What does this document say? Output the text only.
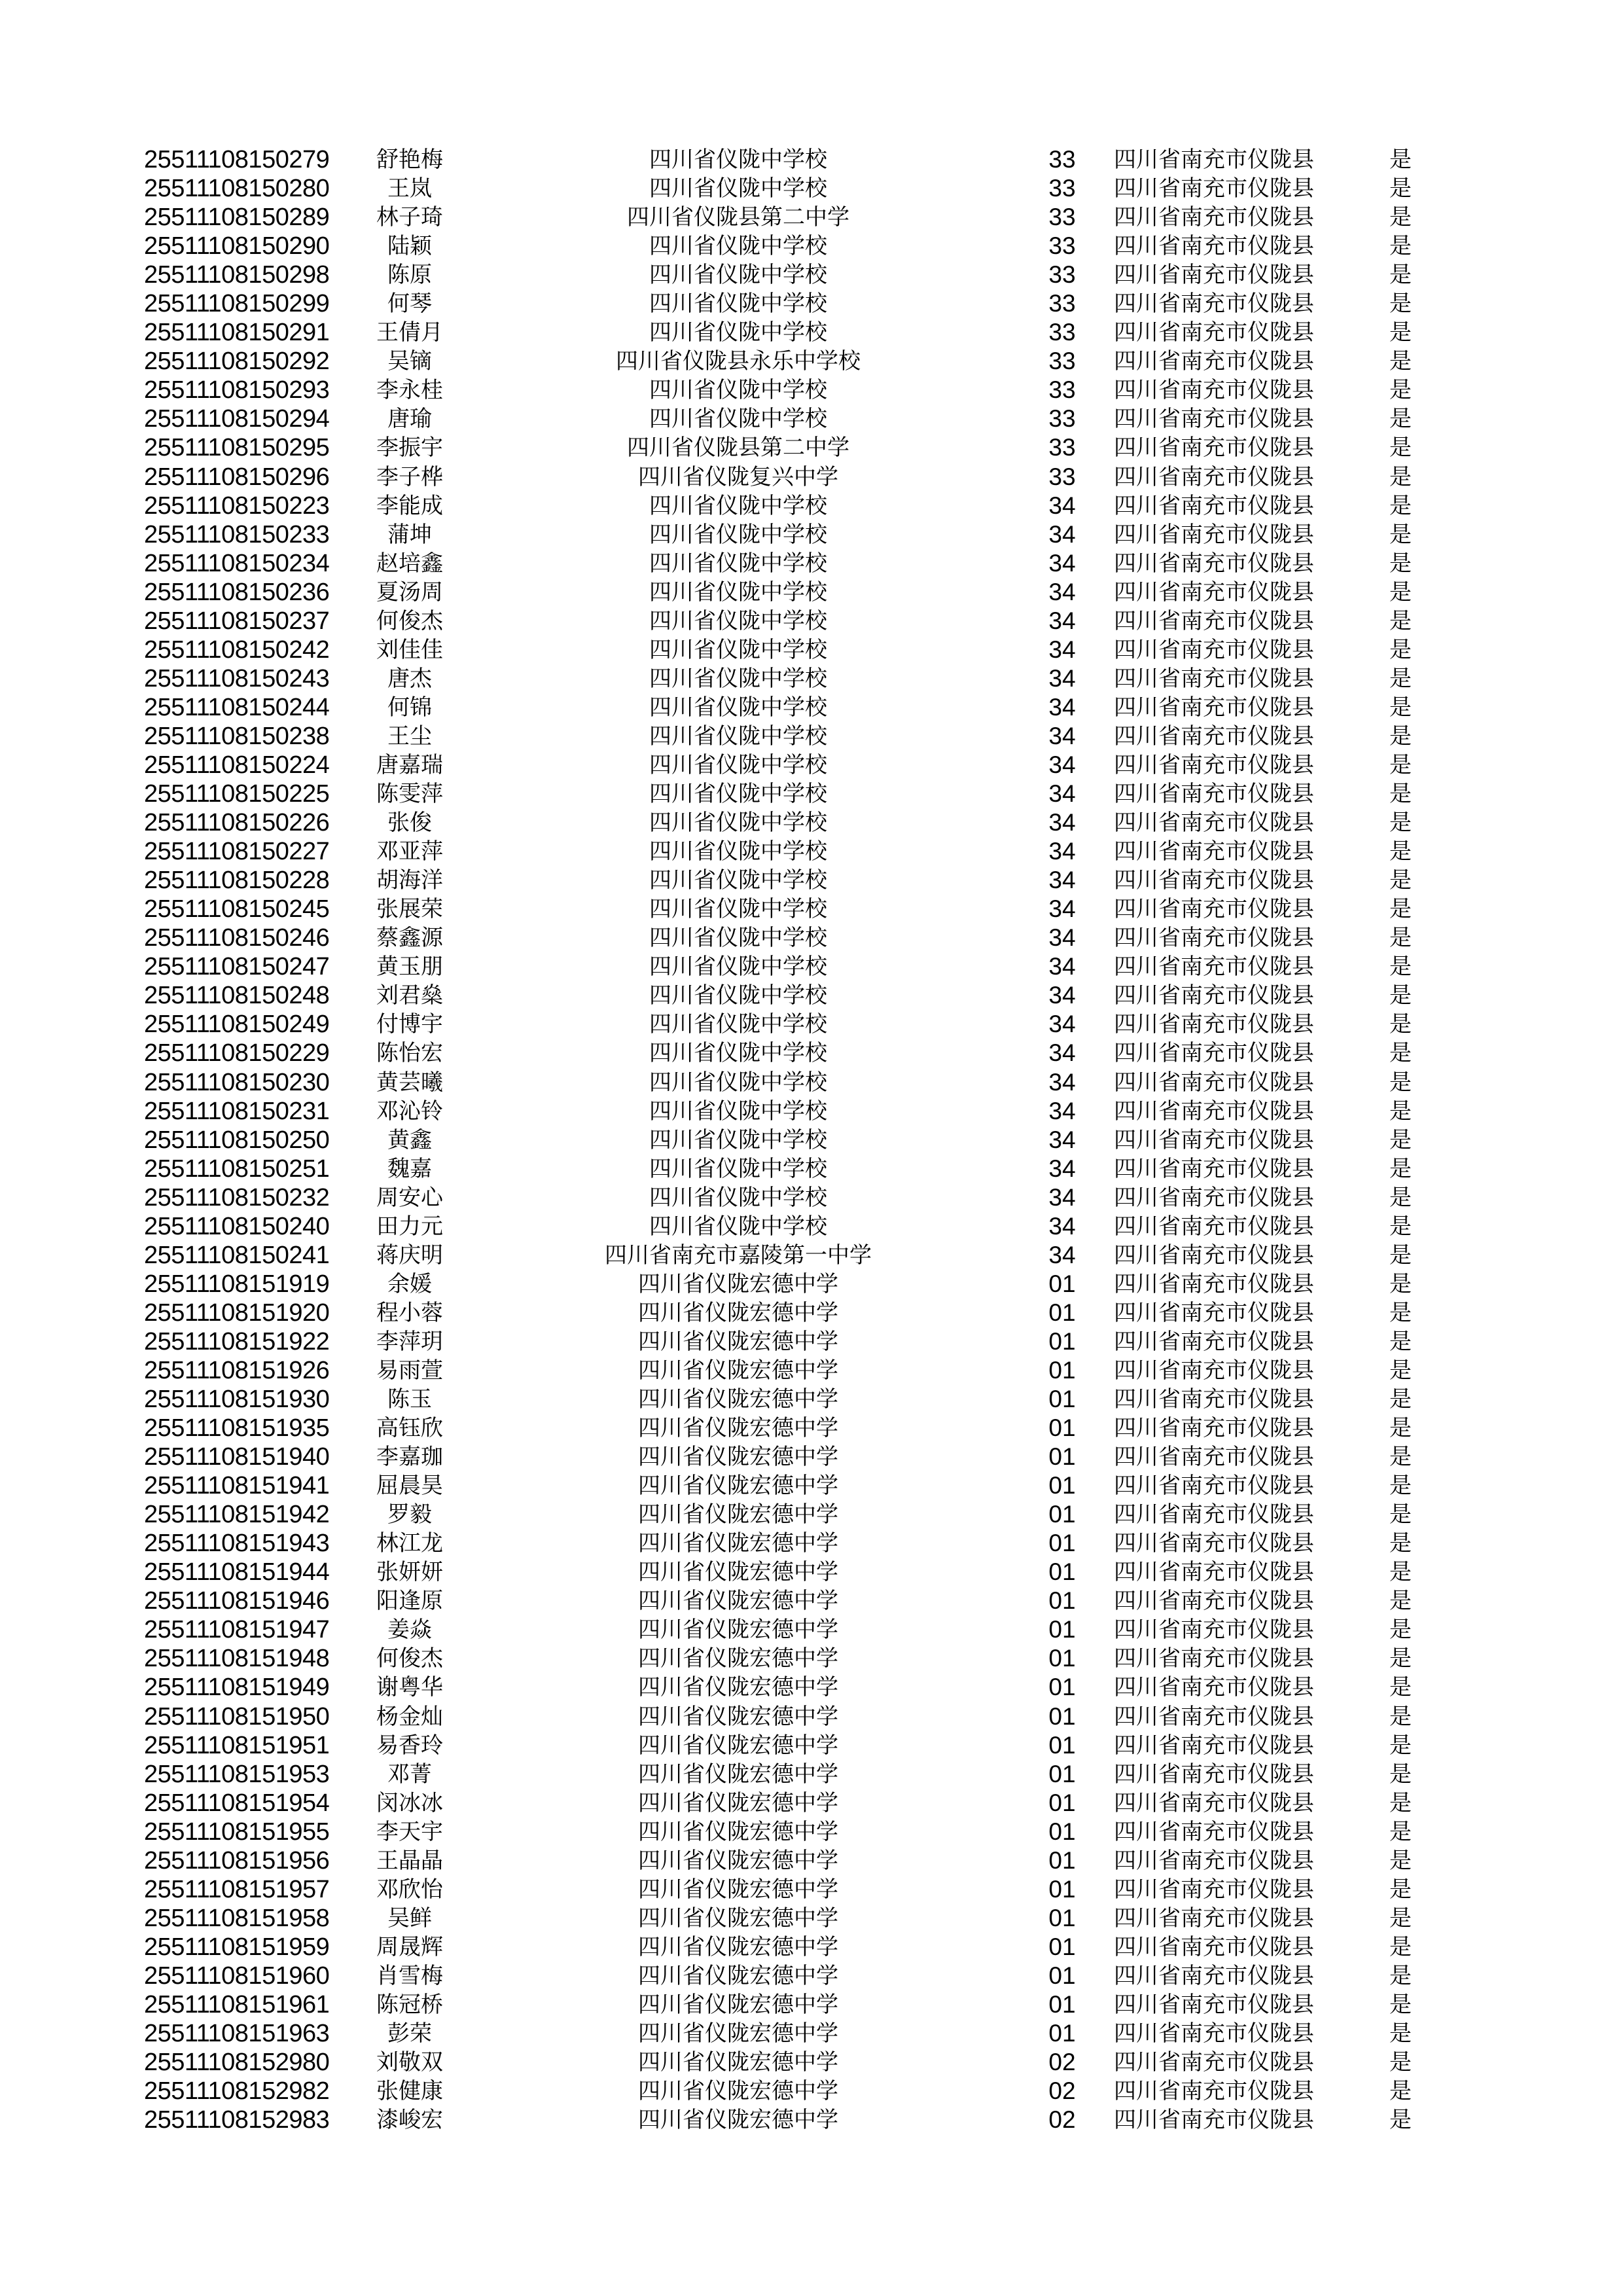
25511108150279	舒艳梅	四川省仪陇中学校	33	四川省南充市仪陇县	是
25511108150280	王岚	四川省仪陇中学校	33	四川省南充市仪陇县	是
25511108150289	林子琦	四川省仪陇县第二中学	33	四川省南充市仪陇县	是
25511108150290	陆颖	四川省仪陇中学校	33	四川省南充市仪陇县	是
25511108150298	陈原	四川省仪陇中学校	33	四川省南充市仪陇县	是
25511108150299	何琴	四川省仪陇中学校	33	四川省南充市仪陇县	是
25511108150291	王倩月	四川省仪陇中学校	33	四川省南充市仪陇县	是
25511108150292	吴镝	四川省仪陇县永乐中学校	33	四川省南充市仪陇县	是
25511108150293	李永桂	四川省仪陇中学校	33	四川省南充市仪陇县	是
25511108150294	唐瑜	四川省仪陇中学校	33	四川省南充市仪陇县	是
25511108150295	李振宇	四川省仪陇县第二中学	33	四川省南充市仪陇县	是
25511108150296	李子桦	四川省仪陇复兴中学	33	四川省南充市仪陇县	是
25511108150223	李能成	四川省仪陇中学校	34	四川省南充市仪陇县	是
25511108150233	蒲坤	四川省仪陇中学校	34	四川省南充市仪陇县	是
25511108150234	赵培鑫	四川省仪陇中学校	34	四川省南充市仪陇县	是
25511108150236	夏汤周	四川省仪陇中学校	34	四川省南充市仪陇县	是
25511108150237	何俊杰	四川省仪陇中学校	34	四川省南充市仪陇县	是
25511108150242	刘佳佳	四川省仪陇中学校	34	四川省南充市仪陇县	是
25511108150243	唐杰	四川省仪陇中学校	34	四川省南充市仪陇县	是
25511108150244	何锦	四川省仪陇中学校	34	四川省南充市仪陇县	是
25511108150238	王尘	四川省仪陇中学校	34	四川省南充市仪陇县	是
25511108150224	唐嘉瑞	四川省仪陇中学校	34	四川省南充市仪陇县	是
25511108150225	陈雯萍	四川省仪陇中学校	34	四川省南充市仪陇县	是
25511108150226	张俊	四川省仪陇中学校	34	四川省南充市仪陇县	是
25511108150227	邓亚萍	四川省仪陇中学校	34	四川省南充市仪陇县	是
25511108150228	胡海洋	四川省仪陇中学校	34	四川省南充市仪陇县	是
25511108150245	张展荣	四川省仪陇中学校	34	四川省南充市仪陇县	是
25511108150246	蔡鑫源	四川省仪陇中学校	34	四川省南充市仪陇县	是
25511108150247	黄玉朋	四川省仪陇中学校	34	四川省南充市仪陇县	是
25511108150248	刘君燊	四川省仪陇中学校	34	四川省南充市仪陇县	是
25511108150249	付博宇	四川省仪陇中学校	34	四川省南充市仪陇县	是
25511108150229	陈怡宏	四川省仪陇中学校	34	四川省南充市仪陇县	是
25511108150230	黄芸曦	四川省仪陇中学校	34	四川省南充市仪陇县	是
25511108150231	邓沁铃	四川省仪陇中学校	34	四川省南充市仪陇县	是
25511108150250	黄鑫	四川省仪陇中学校	34	四川省南充市仪陇县	是
25511108150251	魏嘉	四川省仪陇中学校	34	四川省南充市仪陇县	是
25511108150232	周安心	四川省仪陇中学校	34	四川省南充市仪陇县	是
25511108150240	田力元	四川省仪陇中学校	34	四川省南充市仪陇县	是
25511108150241	蒋庆明	四川省南充市嘉陵第一中学	34	四川省南充市仪陇县	是
25511108151919	余媛	四川省仪陇宏德中学	01	四川省南充市仪陇县	是
25511108151920	程小蓉	四川省仪陇宏德中学	01	四川省南充市仪陇县	是
25511108151922	李萍玥	四川省仪陇宏德中学	01	四川省南充市仪陇县	是
25511108151926	易雨萱	四川省仪陇宏德中学	01	四川省南充市仪陇县	是
25511108151930	陈玉	四川省仪陇宏德中学	01	四川省南充市仪陇县	是
25511108151935	高钰欣	四川省仪陇宏德中学	01	四川省南充市仪陇县	是
25511108151940	李嘉珈	四川省仪陇宏德中学	01	四川省南充市仪陇县	是
25511108151941	屈晨昊	四川省仪陇宏德中学	01	四川省南充市仪陇县	是
25511108151942	罗毅	四川省仪陇宏德中学	01	四川省南充市仪陇县	是
25511108151943	林江龙	四川省仪陇宏德中学	01	四川省南充市仪陇县	是
25511108151944	张妍妍	四川省仪陇宏德中学	01	四川省南充市仪陇县	是
25511108151946	阳逢原	四川省仪陇宏德中学	01	四川省南充市仪陇县	是
25511108151947	姜焱	四川省仪陇宏德中学	01	四川省南充市仪陇县	是
25511108151948	何俊杰	四川省仪陇宏德中学	01	四川省南充市仪陇县	是
25511108151949	谢粤华	四川省仪陇宏德中学	01	四川省南充市仪陇县	是
25511108151950	杨金灿	四川省仪陇宏德中学	01	四川省南充市仪陇县	是
25511108151951	易香玲	四川省仪陇宏德中学	01	四川省南充市仪陇县	是
25511108151953	邓菁	四川省仪陇宏德中学	01	四川省南充市仪陇县	是
25511108151954	闵冰冰	四川省仪陇宏德中学	01	四川省南充市仪陇县	是
25511108151955	李天宇	四川省仪陇宏德中学	01	四川省南充市仪陇县	是
25511108151956	王晶晶	四川省仪陇宏德中学	01	四川省南充市仪陇县	是
25511108151957	邓欣怡	四川省仪陇宏德中学	01	四川省南充市仪陇县	是
25511108151958	吴鲜	四川省仪陇宏德中学	01	四川省南充市仪陇县	是
25511108151959	周晟辉	四川省仪陇宏德中学	01	四川省南充市仪陇县	是
25511108151960	肖雪梅	四川省仪陇宏德中学	01	四川省南充市仪陇县	是
25511108151961	陈冠桥	四川省仪陇宏德中学	01	四川省南充市仪陇县	是
25511108151963	彭荣	四川省仪陇宏德中学	01	四川省南充市仪陇县	是
25511108152980	刘敬双	四川省仪陇宏德中学	02	四川省南充市仪陇县	是
25511108152982	张健康	四川省仪陇宏德中学	02	四川省南充市仪陇县	是
25511108152983	漆峻宏	四川省仪陇宏德中学	02	四川省南充市仪陇县	是
